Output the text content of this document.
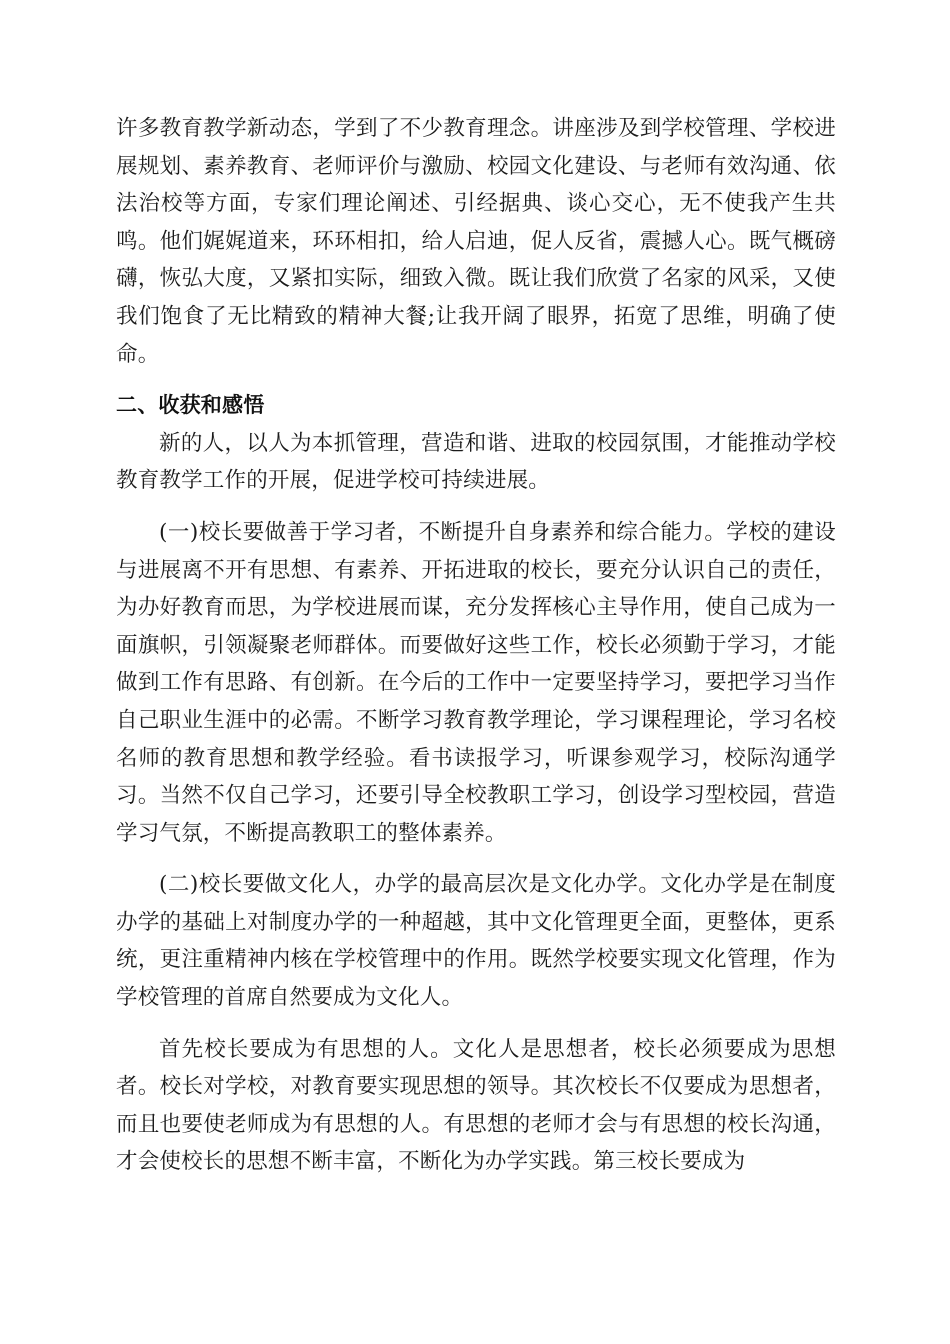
许多教育教学新动态，学到了不少教育理念。讲座涉及到学校管理、学校进展规划、素养教育、老师评价与激励、校园文化建设、与老师有效沟通、依法治校等方面，专家们理论阐述、引经据典、谈心交心，无不使我产生共鸣。他们娓娓道来，环环相扣，给人启迪，促人反省，震撼人心。既气概磅礴，恢弘大度，又紧扣实际，细致入微。既让我们欣赏了名家的风采，又使我们饱食了无比精致的精神大餐;让我开阔了眼界，拓宽了思维，明确了使命。

二、收获和感悟

新的人，以人为本抓管理，营造和谐、进取的校园氛围，才能推动学校教育教学工作的开展，促进学校可持续进展。

(一)校长要做善于学习者，不断提升自身素养和综合能力。学校的建设与进展离不开有思想、有素养、开拓进取的校长，要充分认识自己的责任，为办好教育而思，为学校进展而谋，充分发挥核心主导作用，使自己成为一面旗帜，引领凝聚老师群体。而要做好这些工作，校长必须勤于学习，才能做到工作有思路、有创新。在今后的工作中一定要坚持学习，要把学习当作自己职业生涯中的必需。不断学习教育教学理论，学习课程理论，学习名校名师的教育思想和教学经验。看书读报学习，听课参观学习，校际沟通学习。当然不仅自己学习，还要引导全校教职工学习，创设学习型校园，营造学习气氛，不断提高教职工的整体素养。

(二)校长要做文化人，办学的最高层次是文化办学。文化办学是在制度办学的基础上对制度办学的一种超越，其中文化管理更全面，更整体，更系统，更注重精神内核在学校管理中的作用。既然学校要实现文化管理，作为学校管理的首席自然要成为文化人。

首先校长要成为有思想的人。文化人是思想者，校长必须要成为思想者。校长对学校，对教育要实现思想的领导。其次校长不仅要成为思想者，而且也要使老师成为有思想的人。有思想的老师才会与有思想的校长沟通，才会使校长的思想不断丰富，不断化为办学实践。第三校长要成为
